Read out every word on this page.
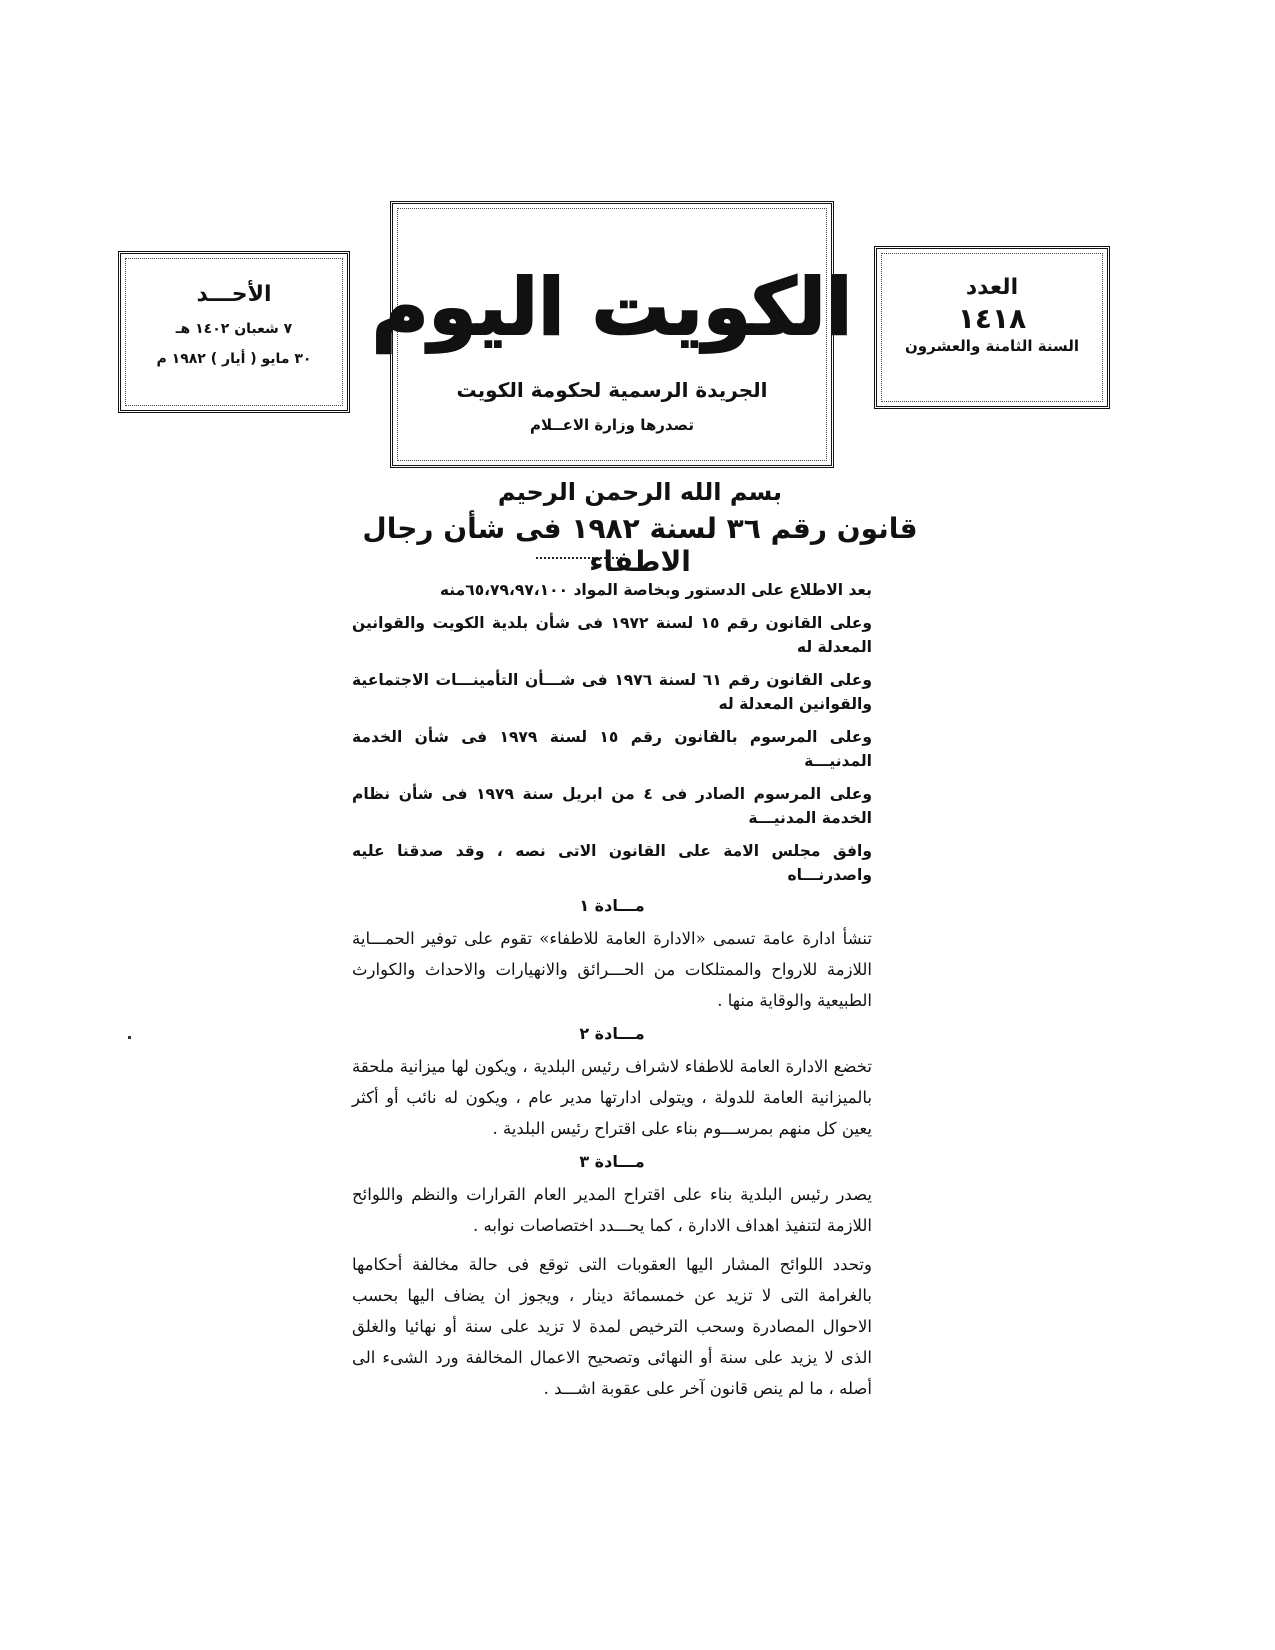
الأحـــد
٧ شعبان ١٤٠٢ هـ
٣٠ مايو ( أيار ) ١٩٨٢ م
الكويت اليوم
الجريدة الرسمية لحكومة الكويت
تصدرها وزارة الاعــلام
العدد
١٤١٨
السنة الثامنة والعشرون
بسم الله الرحمن الرحيم
قانون رقم ٣٦ لسنة ١٩٨٢ فى شأن رجال الاطفاء

بعد الاطلاع على الدستور وبخاصة المواد ٦٥،٧٩،٩٧،١٠٠منه

وعلى القانون رقم ١٥ لسنة ١٩٧٢ فى شأن بلدية الكويت والقوانين المعدلة له

وعلى القانون رقم ٦١ لسنة ١٩٧٦ فى شـــأن التأمينـــات الاجتماعية والقوانين المعدلة له

وعلى المرسوم بالقانون رقم ١٥ لسنة ١٩٧٩ فى شأن الخدمة المدنيـــة

وعلى المرسوم الصادر فى ٤ من ابريل سنة ١٩٧٩ فى شأن نظام الخدمة المدنيـــة

وافق مجلس الامة على القانون الاتى نصه ، وقد صدقنا عليه واصدرنـــاه

مـــادة ١

تنشأ ادارة عامة تسمى «الادارة العامة للاطفاء» تقوم على توفير الحمـــاية اللازمة للارواح والممتلكات من الحـــرائق والانهيارات والاحداث والكوارث الطبيعية والوقاية منها .

مـــادة ٢

تخضع الادارة العامة للاطفاء لاشراف رئيس البلدية ، ويكون لها ميزانية ملحقة بالميزانية العامة للدولة ، ويتولى ادارتها مدير عام ، ويكون له نائب أو أكثر يعين كل منهم بمرســـوم بناء على اقتراح رئيس البلدية .

مـــادة ٣

يصدر رئيس البلدية بناء على اقتراح المدير العام القرارات والنظم واللوائح اللازمة لتنفيذ اهداف الادارة ، كما يحـــدد اختصاصات نوابه .

وتحدد اللوائح المشار اليها العقوبات التى توقع فى حالة مخالفة أحكامها بالغرامة التى لا تزيد عن خمسمائة دينار ، ويجوز ان يضاف اليها بحسب الاحوال المصادرة وسحب الترخيص لمدة لا تزيد على سنة أو نهائيا والغلق الذى لا يزيد على سنة أو النهائى وتصحيح الاعمال المخالفة ورد الشىء الى أصله ، ما لم ينص قانون آخر على عقوبة اشـــد .
